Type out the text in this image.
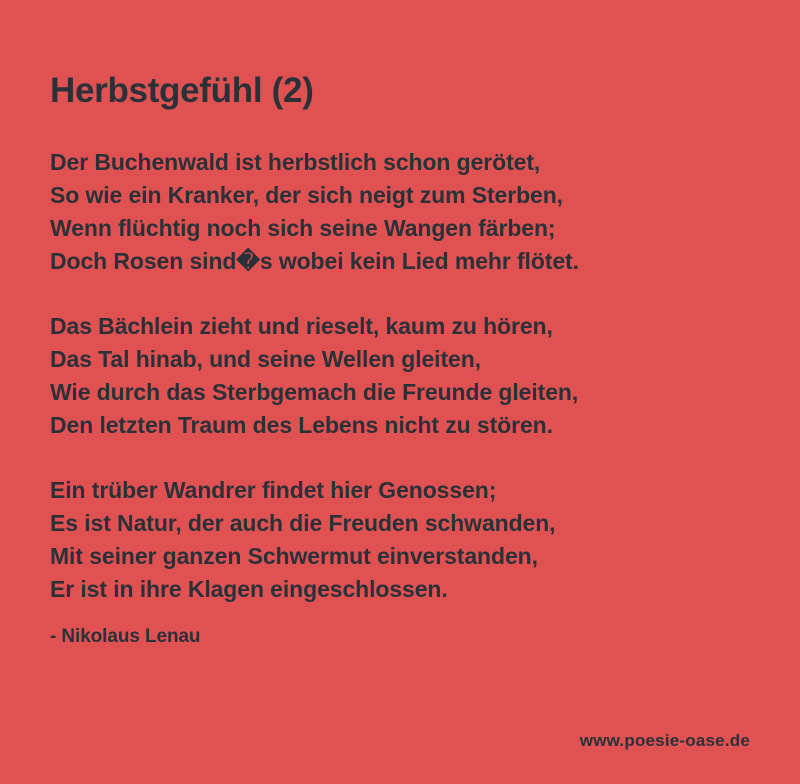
Herbstgefühl (2)
Der Buchenwald ist herbstlich schon gerötet,
So wie ein Kranker, der sich neigt zum Sterben,
Wenn flüchtig noch sich seine Wangen färben;
Doch Rosen sind�s wobei kein Lied mehr flötet.
Das Bächlein zieht und rieselt, kaum zu hören,
Das Tal hinab, und seine Wellen gleiten,
Wie durch das Sterbgemach die Freunde gleiten,
Den letzten Traum des Lebens nicht zu stören.
Ein trüber Wandrer findet hier Genossen;
Es ist Natur, der auch die Freuden schwanden,
Mit seiner ganzen Schwermut einverstanden,
Er ist in ihre Klagen eingeschlossen.
- Nikolaus Lenau
www.poesie-oase.de
